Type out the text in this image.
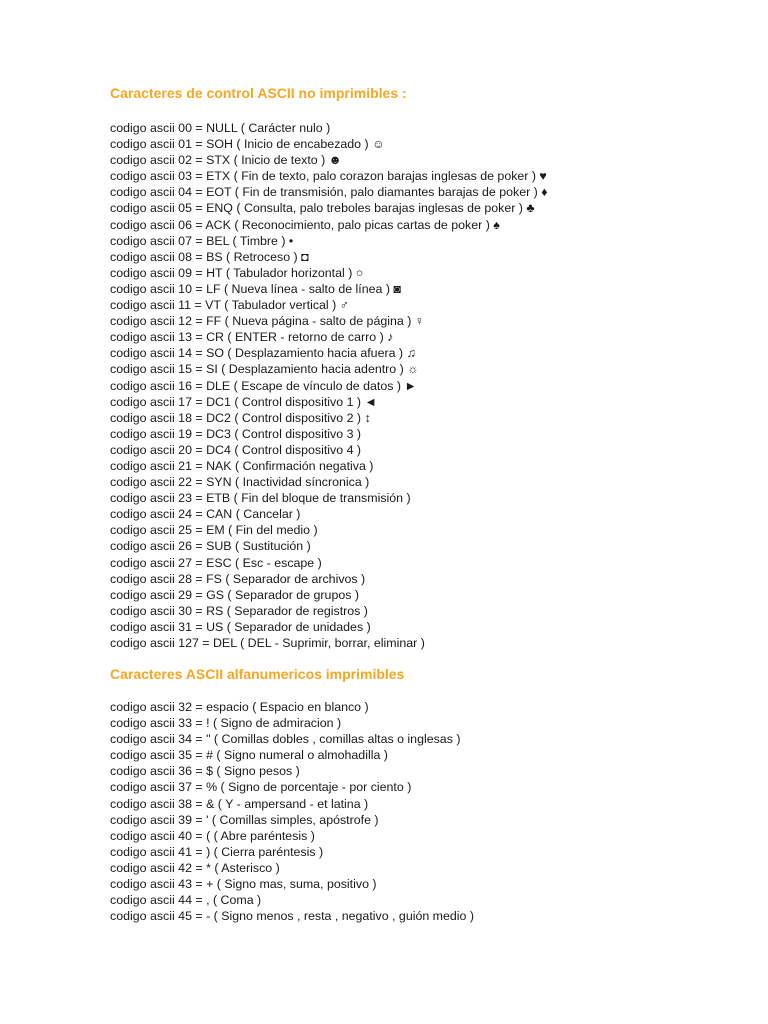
Caracteres de control ASCII no imprimibles :
codigo ascii 00 = NULL ( Carácter nulo )
codigo ascii 01 = SOH ( Inicio de encabezado ) ☺
codigo ascii 02 = STX ( Inicio de texto ) ☻
codigo ascii 03 = ETX ( Fin de texto, palo corazon barajas inglesas de poker ) ♥
codigo ascii 04 = EOT ( Fin de transmisión, palo diamantes barajas de poker ) ♦
codigo ascii 05 = ENQ ( Consulta, palo treboles barajas inglesas de poker ) ♣
codigo ascii 06 = ACK ( Reconocimiento, palo picas cartas de poker ) ♠
codigo ascii 07 = BEL ( Timbre ) •
codigo ascii 08 = BS ( Retroceso ) ◘
codigo ascii 09 = HT ( Tabulador horizontal ) ○
codigo ascii 10 = LF ( Nueva línea - salto de línea ) ◙
codigo ascii 11 = VT ( Tabulador vertical ) ♂
codigo ascii 12 = FF ( Nueva página - salto de página ) ♀
codigo ascii 13 = CR ( ENTER - retorno de carro ) ♪
codigo ascii 14 = SO ( Desplazamiento hacia afuera ) ♫
codigo ascii 15 = SI ( Desplazamiento hacia adentro ) ☼
codigo ascii 16 = DLE ( Escape de vínculo de datos ) ►
codigo ascii 17 = DC1 ( Control dispositivo 1 ) ◄
codigo ascii 18 = DC2 ( Control dispositivo 2 ) ↕
codigo ascii 19 = DC3 ( Control dispositivo 3 )
codigo ascii 20 = DC4 ( Control dispositivo 4 )
codigo ascii 21 = NAK ( Confirmación negativa )
codigo ascii 22 = SYN ( Inactividad síncronica )
codigo ascii 23 = ETB ( Fin del bloque de transmisión )
codigo ascii 24 = CAN ( Cancelar )
codigo ascii 25 = EM ( Fin del medio )
codigo ascii 26 = SUB ( Sustitución )
codigo ascii 27 = ESC ( Esc - escape )
codigo ascii 28 = FS ( Separador de archivos )
codigo ascii 29 = GS ( Separador de grupos )
codigo ascii 30 = RS ( Separador de registros )
codigo ascii 31 = US ( Separador de unidades )
codigo ascii 127 = DEL ( DEL - Suprimir, borrar, eliminar )
Caracteres ASCII alfanumericos imprimibles
codigo ascii 32 = espacio ( Espacio en blanco )
codigo ascii 33 = ! ( Signo de admiracion )
codigo ascii 34 = " ( Comillas dobles , comillas altas o inglesas )
codigo ascii 35 = # ( Signo numeral o almohadilla )
codigo ascii 36 = $ ( Signo pesos )
codigo ascii 37 = % ( Signo de porcentaje - por ciento )
codigo ascii 38 = & ( Y - ampersand - et latina )
codigo ascii 39 = ' ( Comillas simples, apóstrofe )
codigo ascii 40 = ( ( Abre paréntesis )
codigo ascii 41 = ) ( Cierra paréntesis )
codigo ascii 42 = * ( Asterisco )
codigo ascii 43 = + ( Signo mas, suma, positivo )
codigo ascii 44 = , ( Coma )
codigo ascii 45 = - ( Signo menos , resta , negativo , guión medio )
